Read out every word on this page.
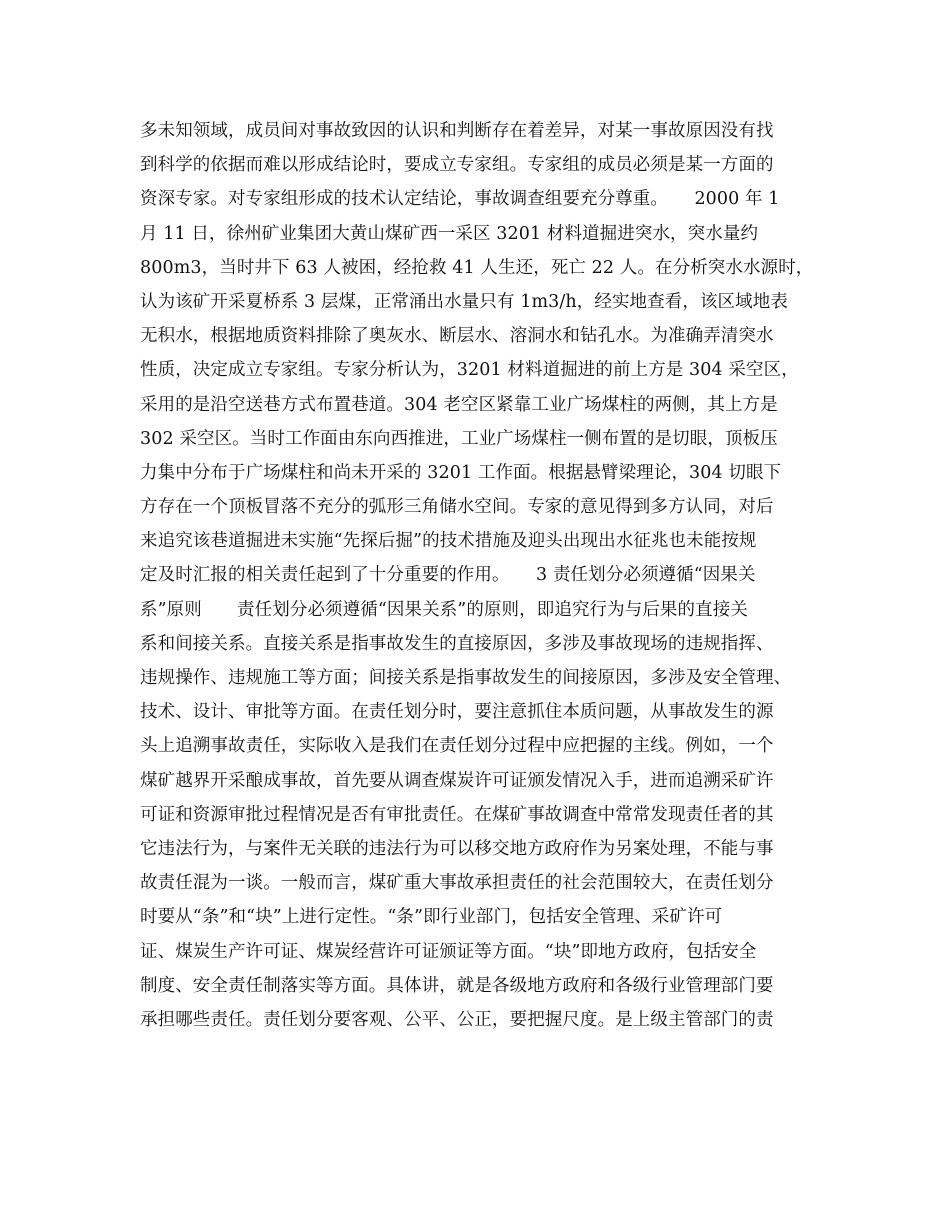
多未知领域，成员间对事故致因的认识和判断存在着差异，对某一事故原因没有找
到科学的依据而难以形成结论时，要成立专家组。专家组的成员必须是某一方面的
资深专家。对专家组形成的技术认定结论，事故调查组要充分尊重。　　2000 年 1
月 11 日，徐州矿业集团大黄山煤矿西一采区 3201 材料道掘进突水，突水量约
800m3，当时井下 63 人被困，经抢救 41 人生还，死亡 22 人。在分析突水水源时，
认为该矿开采夏桥系 3 层煤，正常涌出水量只有 1m3/h，经实地查看，该区域地表
无积水，根据地质资料排除了奥灰水、断层水、溶洞水和钻孔水。为准确弄清突水
性质，决定成立专家组。专家分析认为，3201 材料道掘进的前上方是 304 采空区，
采用的是沿空送巷方式布置巷道。304 老空区紧靠工业广场煤柱的两侧，其上方是
302 采空区。当时工作面由东向西推进，工业广场煤柱一侧布置的是切眼，顶板压
力集中分布于广场煤柱和尚未开采的 3201 工作面。根据悬臂梁理论，304 切眼下
方存在一个顶板冒落不充分的弧形三角储水空间。专家的意见得到多方认同，对后
来追究该巷道掘进未实施“先探后掘”的技术措施及迎头出现出水征兆也未能按规
定及时汇报的相关责任起到了十分重要的作用。　　3 责任划分必须遵循“因果关
系”原则　　责任划分必须遵循“因果关系”的原则，即追究行为与后果的直接关
系和间接关系。直接关系是指事故发生的直接原因，多涉及事故现场的违规指挥、
违规操作、违规施工等方面；间接关系是指事故发生的间接原因，多涉及安全管理、
技术、设计、审批等方面。在责任划分时，要注意抓住本质问题，从事故发生的源
头上追溯事故责任，实际收入是我们在责任划分过程中应把握的主线。例如，一个
煤矿越界开采酿成事故，首先要从调查煤炭许可证颁发情况入手，进而追溯采矿许
可证和资源审批过程情况是否有审批责任。在煤矿事故调查中常常发现责任者的其
它违法行为，与案件无关联的违法行为可以移交地方政府作为另案处理，不能与事
故责任混为一谈。一般而言，煤矿重大事故承担责任的社会范围较大，在责任划分
时要从“条”和“块”上进行定性。“条”即行业部门，包括安全管理、采矿许可
证、煤炭生产许可证、煤炭经营许可证颁证等方面。“块”即地方政府，包括安全
制度、安全责任制落实等方面。具体讲，就是各级地方政府和各级行业管理部门要
承担哪些责任。责任划分要客观、公平、公正，要把握尺度。是上级主管部门的责
